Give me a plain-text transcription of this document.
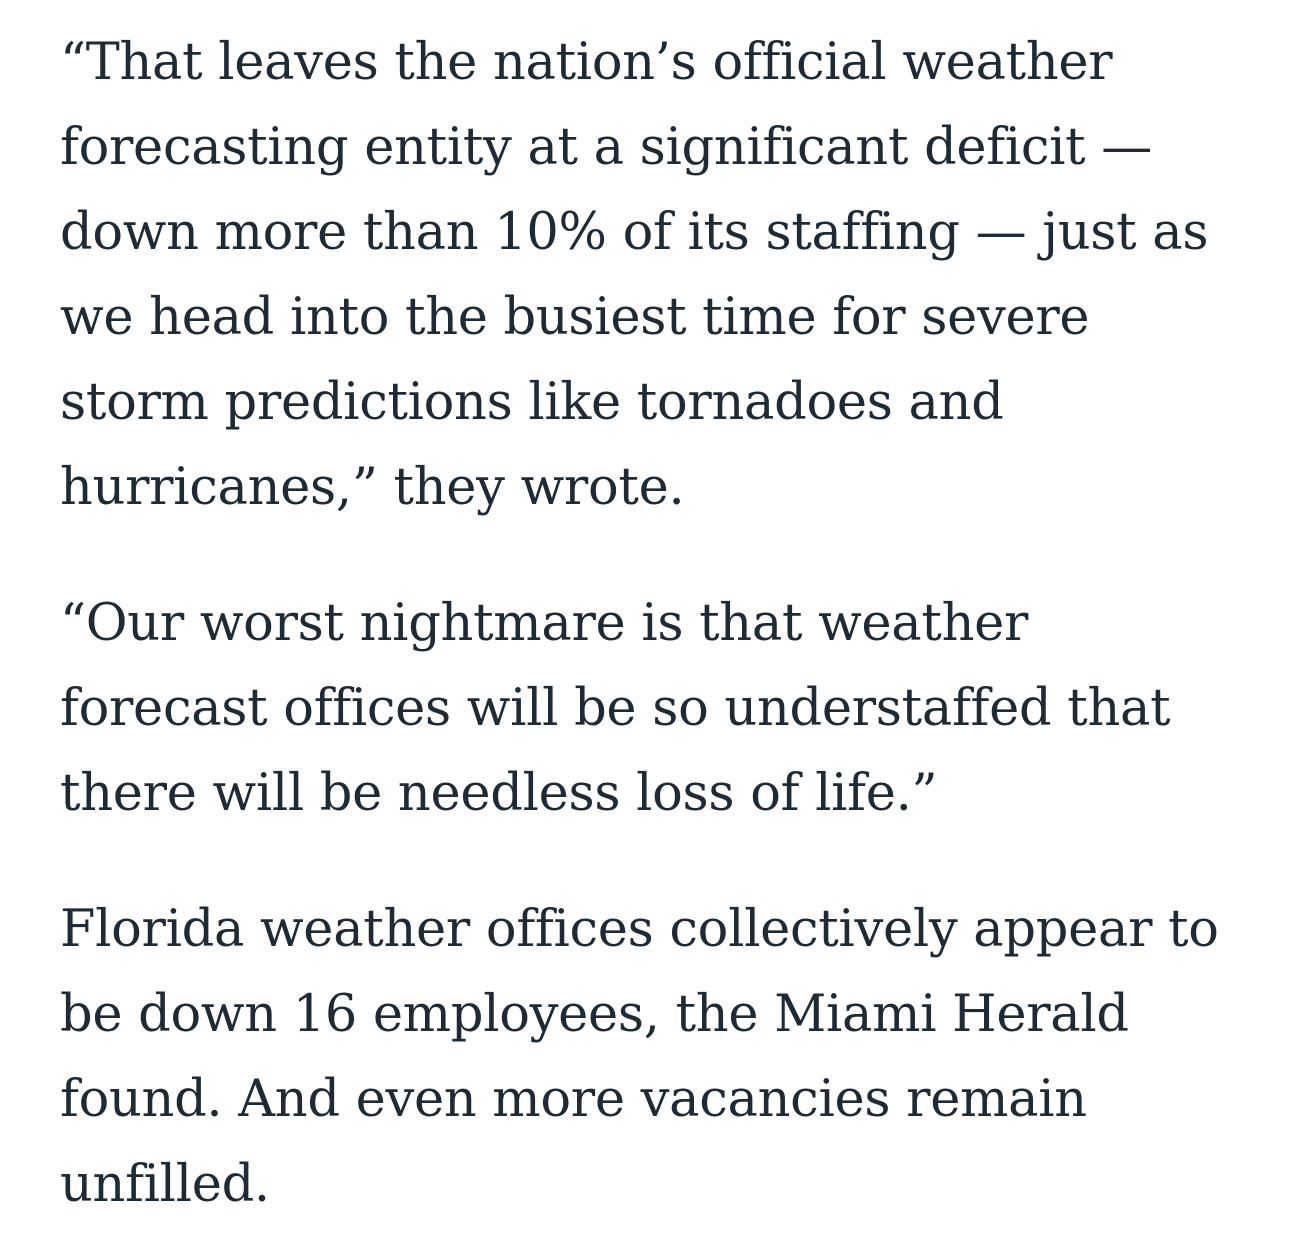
“That leaves the nation’s official weather
forecasting entity at a significant deficit —
down more than 10% of its staffing — just as
we head into the busiest time for severe
storm predictions like tornadoes and
hurricanes,” they wrote.

“Our worst nightmare is that weather
forecast offices will be so understaffed that
there will be needless loss of life.”

Florida weather offices collectively appear to
be down 16 employees, the Miami Herald
found. And even more vacancies remain
unfilled.
